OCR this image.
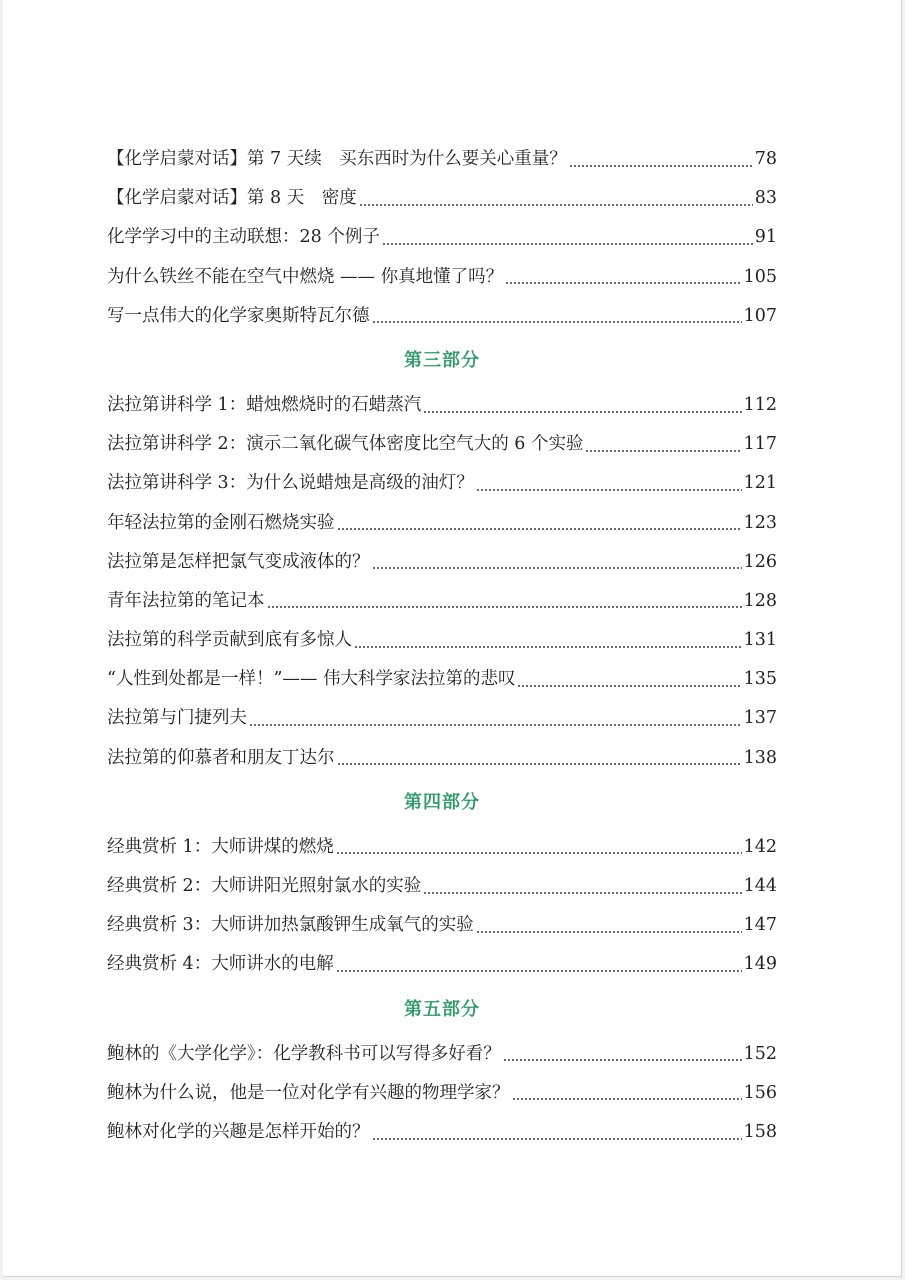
【化学启蒙对话】第 7 天续　买东西时为什么要关心重量？	78
【化学启蒙对话】第 8 天　密度	83
化学学习中的主动联想：28 个例子	91
为什么铁丝不能在空气中燃烧 —— 你真地懂了吗？	105
写一点伟大的化学家奥斯特瓦尔德	107
第三部分
法拉第讲科学 1：蜡烛燃烧时的石蜡蒸汽	112
法拉第讲科学 2：演示二氧化碳气体密度比空气大的 6 个实验	117
法拉第讲科学 3：为什么说蜡烛是高级的油灯？	121
年轻法拉第的金刚石燃烧实验	123
法拉第是怎样把氯气变成液体的？	126
青年法拉第的笔记本	128
法拉第的科学贡献到底有多惊人	131
“人性到处都是一样！”—— 伟大科学家法拉第的悲叹	135
法拉第与门捷列夫	137
法拉第的仰慕者和朋友丁达尔	138
第四部分
经典赏析 1：大师讲煤的燃烧	142
经典赏析 2：大师讲阳光照射氯水的实验	144
经典赏析 3：大师讲加热氯酸钾生成氧气的实验	147
经典赏析 4：大师讲水的电解	149
第五部分
鲍林的《大学化学》：化学教科书可以写得多好看？	152
鲍林为什么说，他是一位对化学有兴趣的物理学家？	156
鲍林对化学的兴趣是怎样开始的？	158
